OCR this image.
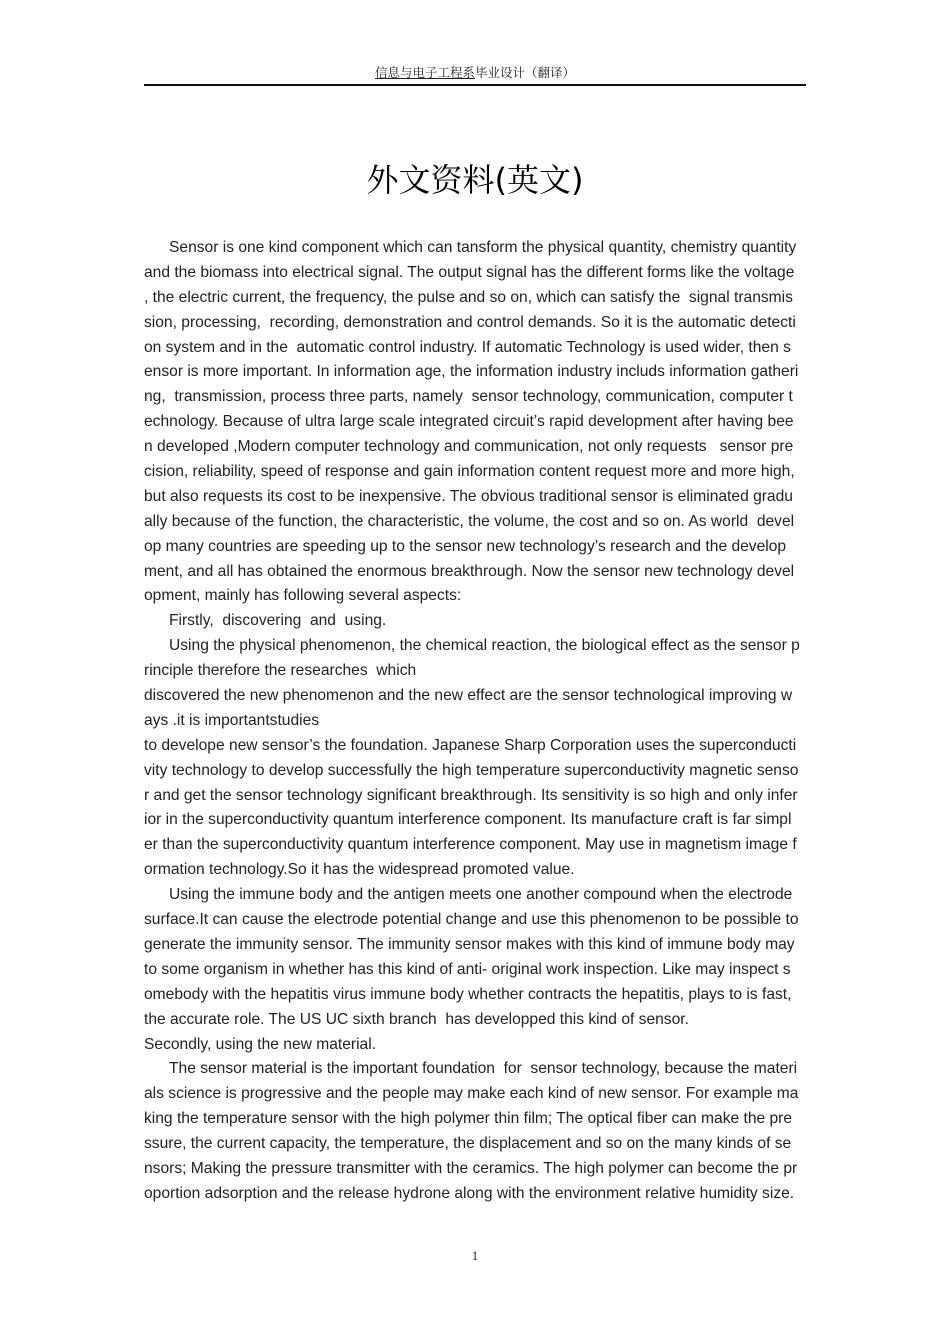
信息与电子工程系毕业设计（翻译）
外文资料(英文)
Sensor is one kind component which can tansform the physical quantity, chemistry quantity
and the biomass into electrical signal. The output signal has the different forms like the voltage
, the electric current, the frequency, the pulse and so on, which can satisfy the  signal transmis
sion, processing,  recording, demonstration and control demands. So it is the automatic detecti
on system and in the  automatic control industry. If automatic Technology is used wider, then s
ensor is more important. In information age, the information industry includs information gatheri
ng,  transmission, process three parts, namely  sensor technology, communication, computer t
echnology. Because of ultra large scale integrated circuit’s rapid development after having bee
n developed ,Modern computer technology and communication, not only requests   sensor pre
cision, reliability, speed of response and gain information content request more and more high,
but also requests its cost to be inexpensive. The obvious traditional sensor is eliminated gradu
ally because of the function, the characteristic, the volume, the cost and so on. As world  devel
op many countries are speeding up to the sensor new technology’s research and the develop
ment, and all has obtained the enormous breakthrough. Now the sensor new technology devel
opment, mainly has following several aspects:
Firstly,  discovering  and  using.
Using the physical phenomenon, the chemical reaction, the biological effect as the sensor p
rinciple therefore the researches  which
discovered the new phenomenon and the new effect are the sensor technological improving w
ays .it is importantstudies
to develope new sensor’s the foundation. Japanese Sharp Corporation uses the superconducti
vity technology to develop successfully the high temperature superconductivity magnetic senso
r and get the sensor technology significant breakthrough. Its sensitivity is so high and only infer
ior in the superconductivity quantum interference component. Its manufacture craft is far simpl
er than the superconductivity quantum interference component. May use in magnetism image f
ormation technology.So it has the widespread promoted value.
Using the immune body and the antigen meets one another compound when the electrode
surface.It can cause the electrode potential change and use this phenomenon to be possible to
generate the immunity sensor. The immunity sensor makes with this kind of immune body may
to some organism in whether has this kind of anti- original work inspection. Like may inspect s
omebody with the hepatitis virus immune body whether contracts the hepatitis, plays to is fast,
the accurate role. The US UC sixth branch  has developped this kind of sensor.
Secondly, using the new material.
The sensor material is the important foundation  for  sensor technology, because the materi
als science is progressive and the people may make each kind of new sensor. For example ma
king the temperature sensor with the high polymer thin film; The optical fiber can make the pre
ssure, the current capacity, the temperature, the displacement and so on the many kinds of se
nsors; Making the pressure transmitter with the ceramics. The high polymer can become the pr
oportion adsorption and the release hydrone along with the environment relative humidity size.
1
